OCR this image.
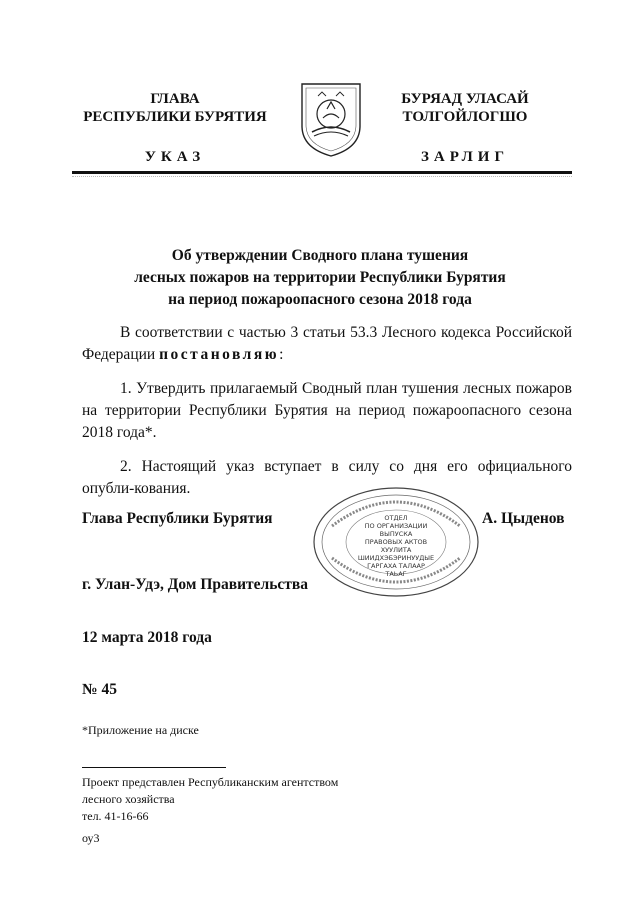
ГЛАВА
РЕСПУБЛИКИ БУРЯТИЯ
УКАЗ
БУРЯАД УЛАСАЙ
ТОЛГОЙЛОГШО
ЗАРЛИГ
Об утверждении Сводного плана тушения
лесных пожаров на территории Республики Бурятия
на период пожароопасного сезона 2018 года

В соответствии с частью 3 статьи 53.3 Лесного кодекса Российской Федерации постановляю:

1. Утвердить прилагаемый Сводный план тушения лесных пожаров на территории Республики Бурятия на период пожароопасного сезона 2018 года*.

2. Настоящий указ вступает в силу со дня его официального опубли-кования.

Глава Республики Бурятия	А. Цыденов
ОТДЕЛ
ПО ОРГАНИЗАЦИИ
ВЫПУСКА
ПРАВОВЫХ АКТОВ
ХУУЛИТА
ШИИДХЭБЭРИНУУДЫЕ
ГАРГАХА ТАЛААР
ТАЬАГ
г. Улан-Удэ, Дом Правительства
12 марта 2018 года
№ 45
*Приложение на диске
Проект представлен Республиканским агентством
лесного хозяйства
тел. 41-16-66
оу3
